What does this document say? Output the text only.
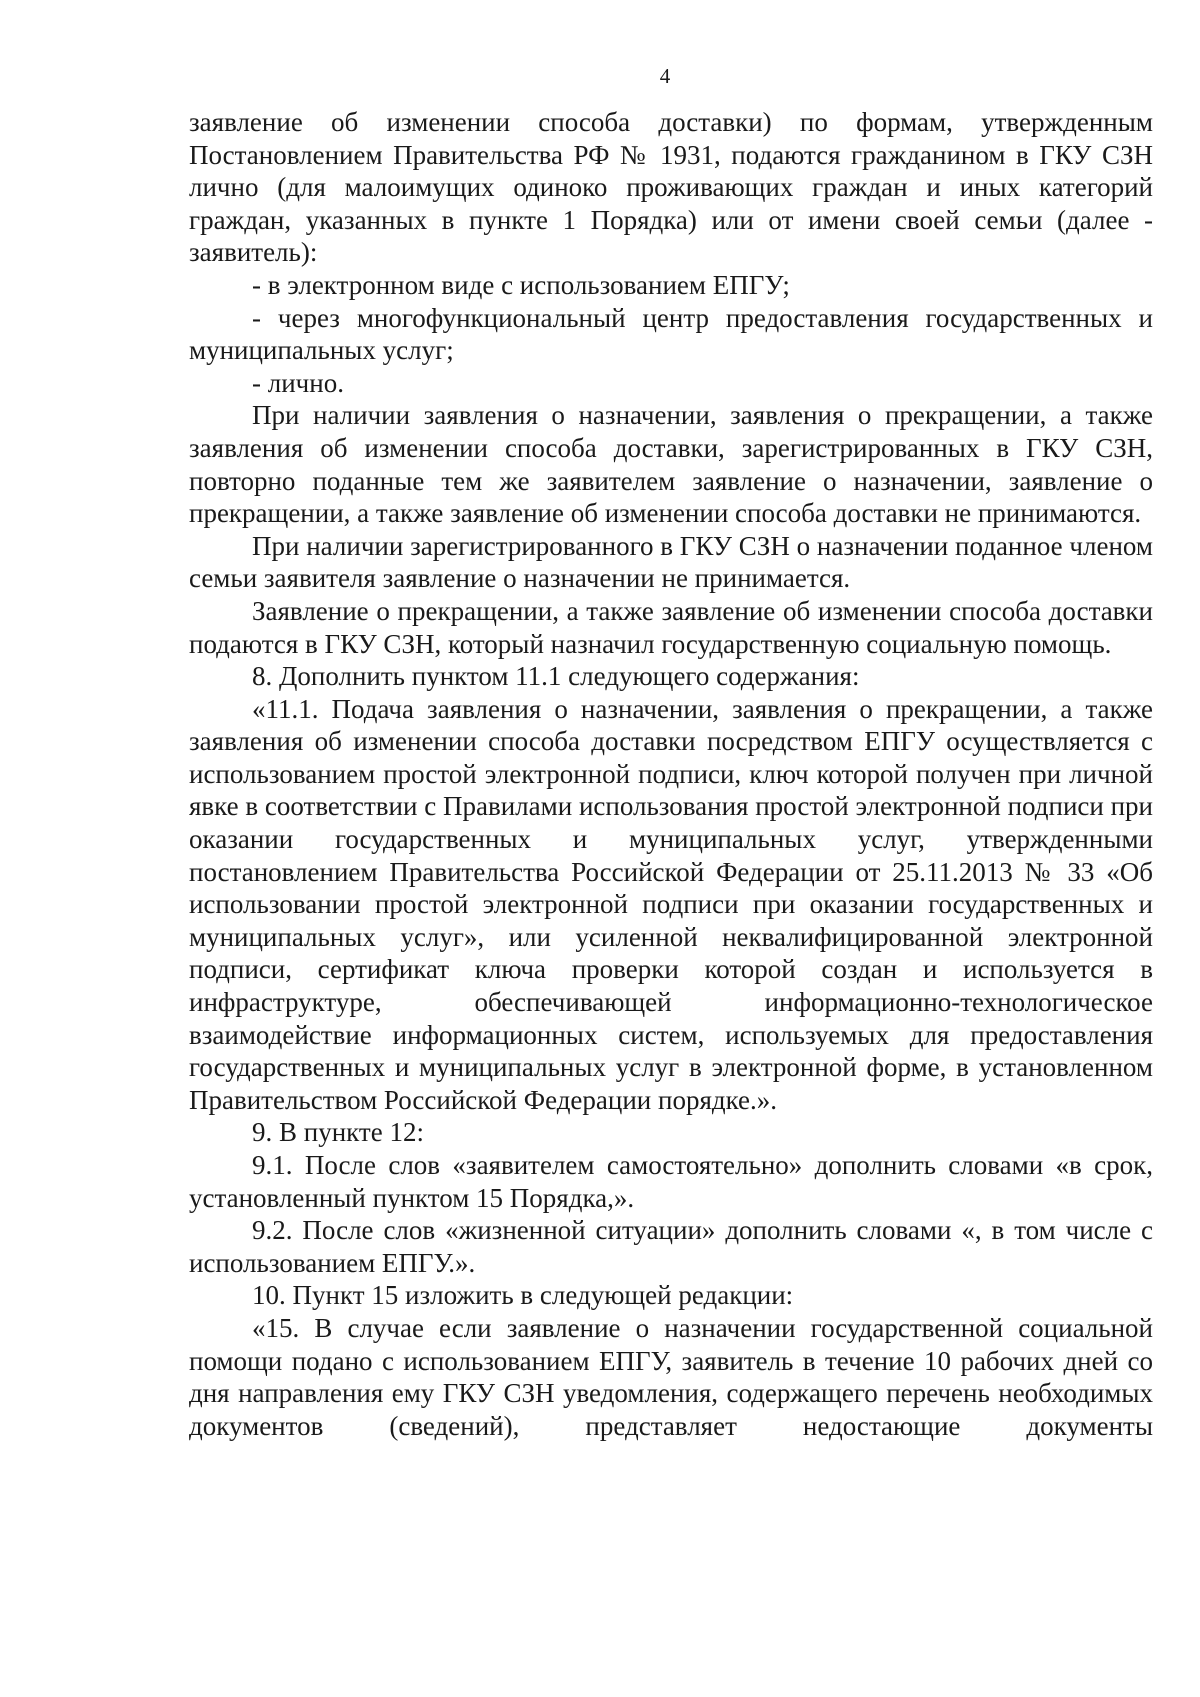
4

заявление об изменении способа доставки) по формам, утвержденным Постановлением Правительства РФ № 1931, подаются гражданином в ГКУ СЗН лично (для малоимущих одиноко проживающих граждан и иных категорий граждан, указанных в пункте 1 Порядка) или от имени своей семьи (далее - заявитель):

- в электронном виде с использованием ЕПГУ;

- через многофункциональный центр предоставления государственных и муниципальных услуг;

- лично.

При наличии заявления о назначении, заявления о прекращении, а также заявления об изменении способа доставки, зарегистрированных в ГКУ СЗН, повторно поданные тем же заявителем заявление о назначении, заявление о прекращении, а также заявление об изменении способа доставки не принимаются.

При наличии зарегистрированного в ГКУ СЗН о назначении поданное членом семьи заявителя заявление о назначении не принимается.

Заявление о прекращении, а также заявление об изменении способа доставки подаются в ГКУ СЗН, который назначил государственную социальную помощь.

8. Дополнить пунктом 11.1 следующего содержания:

«11.1. Подача заявления о назначении, заявления о прекращении, а также заявления об изменении способа доставки посредством ЕПГУ осуществляется с использованием простой электронной подписи, ключ которой получен при личной явке в соответствии с Правилами использования простой электронной подписи при оказании государственных и муниципальных услуг, утвержденными постановлением Правительства Российской Федерации от 25.11.2013 № 33 «Об использовании простой электронной подписи при оказании государственных и муниципальных услуг», или усиленной неквалифицированной электронной подписи, сертификат ключа проверки которой создан и используется в инфраструктуре, обеспечивающей информационно-технологическое взаимодействие информационных систем, используемых для предоставления государственных и муниципальных услуг в электронной форме, в установленном Правительством Российской Федерации порядке.».

9. В пункте 12:

9.1. После слов «заявителем самостоятельно» дополнить словами «в срок, установленный пунктом 15 Порядка,».

9.2. После слов «жизненной ситуации» дополнить словами «, в том числе с использованием ЕПГУ.».

10. Пункт 15 изложить в следующей редакции:

«15. В случае если заявление о назначении государственной социальной помощи подано с использованием ЕПГУ, заявитель в течение 10 рабочих дней со дня направления ему ГКУ СЗН уведомления, содержащего перечень необходимых документов (сведений), представляет недостающие документы
